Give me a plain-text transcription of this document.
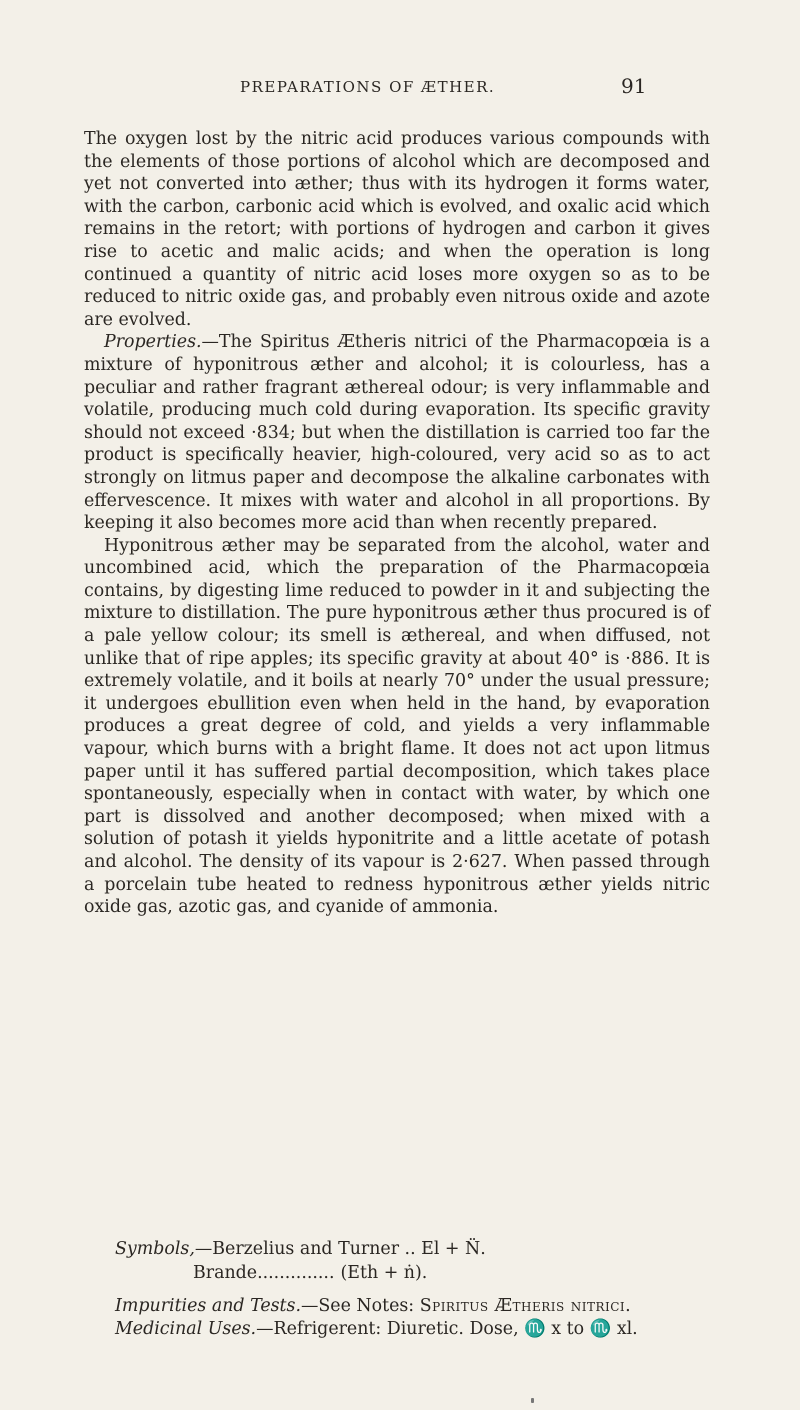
PREPARATIONS OF ÆTHER.	91

The oxygen lost by the nitric acid produces various compounds with the elements of those portions of alcohol which are decomposed and yet not converted into æther; thus with its hydrogen it forms water, with the carbon, carbonic acid which is evolved, and oxalic acid which remains in the retort; with portions of hydrogen and carbon it gives rise to acetic and malic acids; and when the operation is long continued a quantity of nitric acid loses more oxygen so as to be reduced to nitric oxide gas, and probably even nitrous oxide and azote are evolved.

Properties.—The Spiritus Ætheris nitrici of the Pharmacopœia is a mixture of hyponitrous æther and alcohol; it is colourless, has a peculiar and rather fragrant æthereal odour; is very inflammable and volatile, producing much cold during evaporation. Its specific gravity should not exceed ·834; but when the distillation is carried too far the product is specifically heavier, high-coloured, very acid so as to act strongly on litmus paper and decompose the alkaline carbonates with effervescence. It mixes with water and alcohol in all proportions. By keeping it also becomes more acid than when recently prepared.

Hyponitrous æther may be separated from the alcohol, water and uncombined acid, which the preparation of the Pharmacopœia contains, by digesting lime reduced to powder in it and subjecting the mixture to distillation. The pure hyponitrous æther thus procured is of a pale yellow colour; its smell is æthereal, and when diffused, not unlike that of ripe apples; its specific gravity at about 40° is ·886. It is extremely volatile, and it boils at nearly 70° under the usual pressure; it undergoes ebullition even when held in the hand, by evaporation produces a great degree of cold, and yields a very inflammable vapour, which burns with a bright flame. It does not act upon litmus paper until it has suffered partial decomposition, which takes place spontaneously, especially when in contact with water, by which one part is dissolved and another decomposed; when mixed with a solution of potash it yields hyponitrite and a little acetate of potash and alcohol. The density of its vapour is 2·627. When passed through a porcelain tube heated to redness hyponitrous æther yields nitric oxide gas, azotic gas, and cyanide of ammonia.

Symbols, —Berzelius and Turner .. El + N̈.
Brande .............. (Eth + ṅ).
Impurities and Tests.—See Notes: Spiritus Ætheris nitrici.
Medicinal Uses.—Refrigerent: Diuretic. Dose, ♏ x to ♏ xl.
